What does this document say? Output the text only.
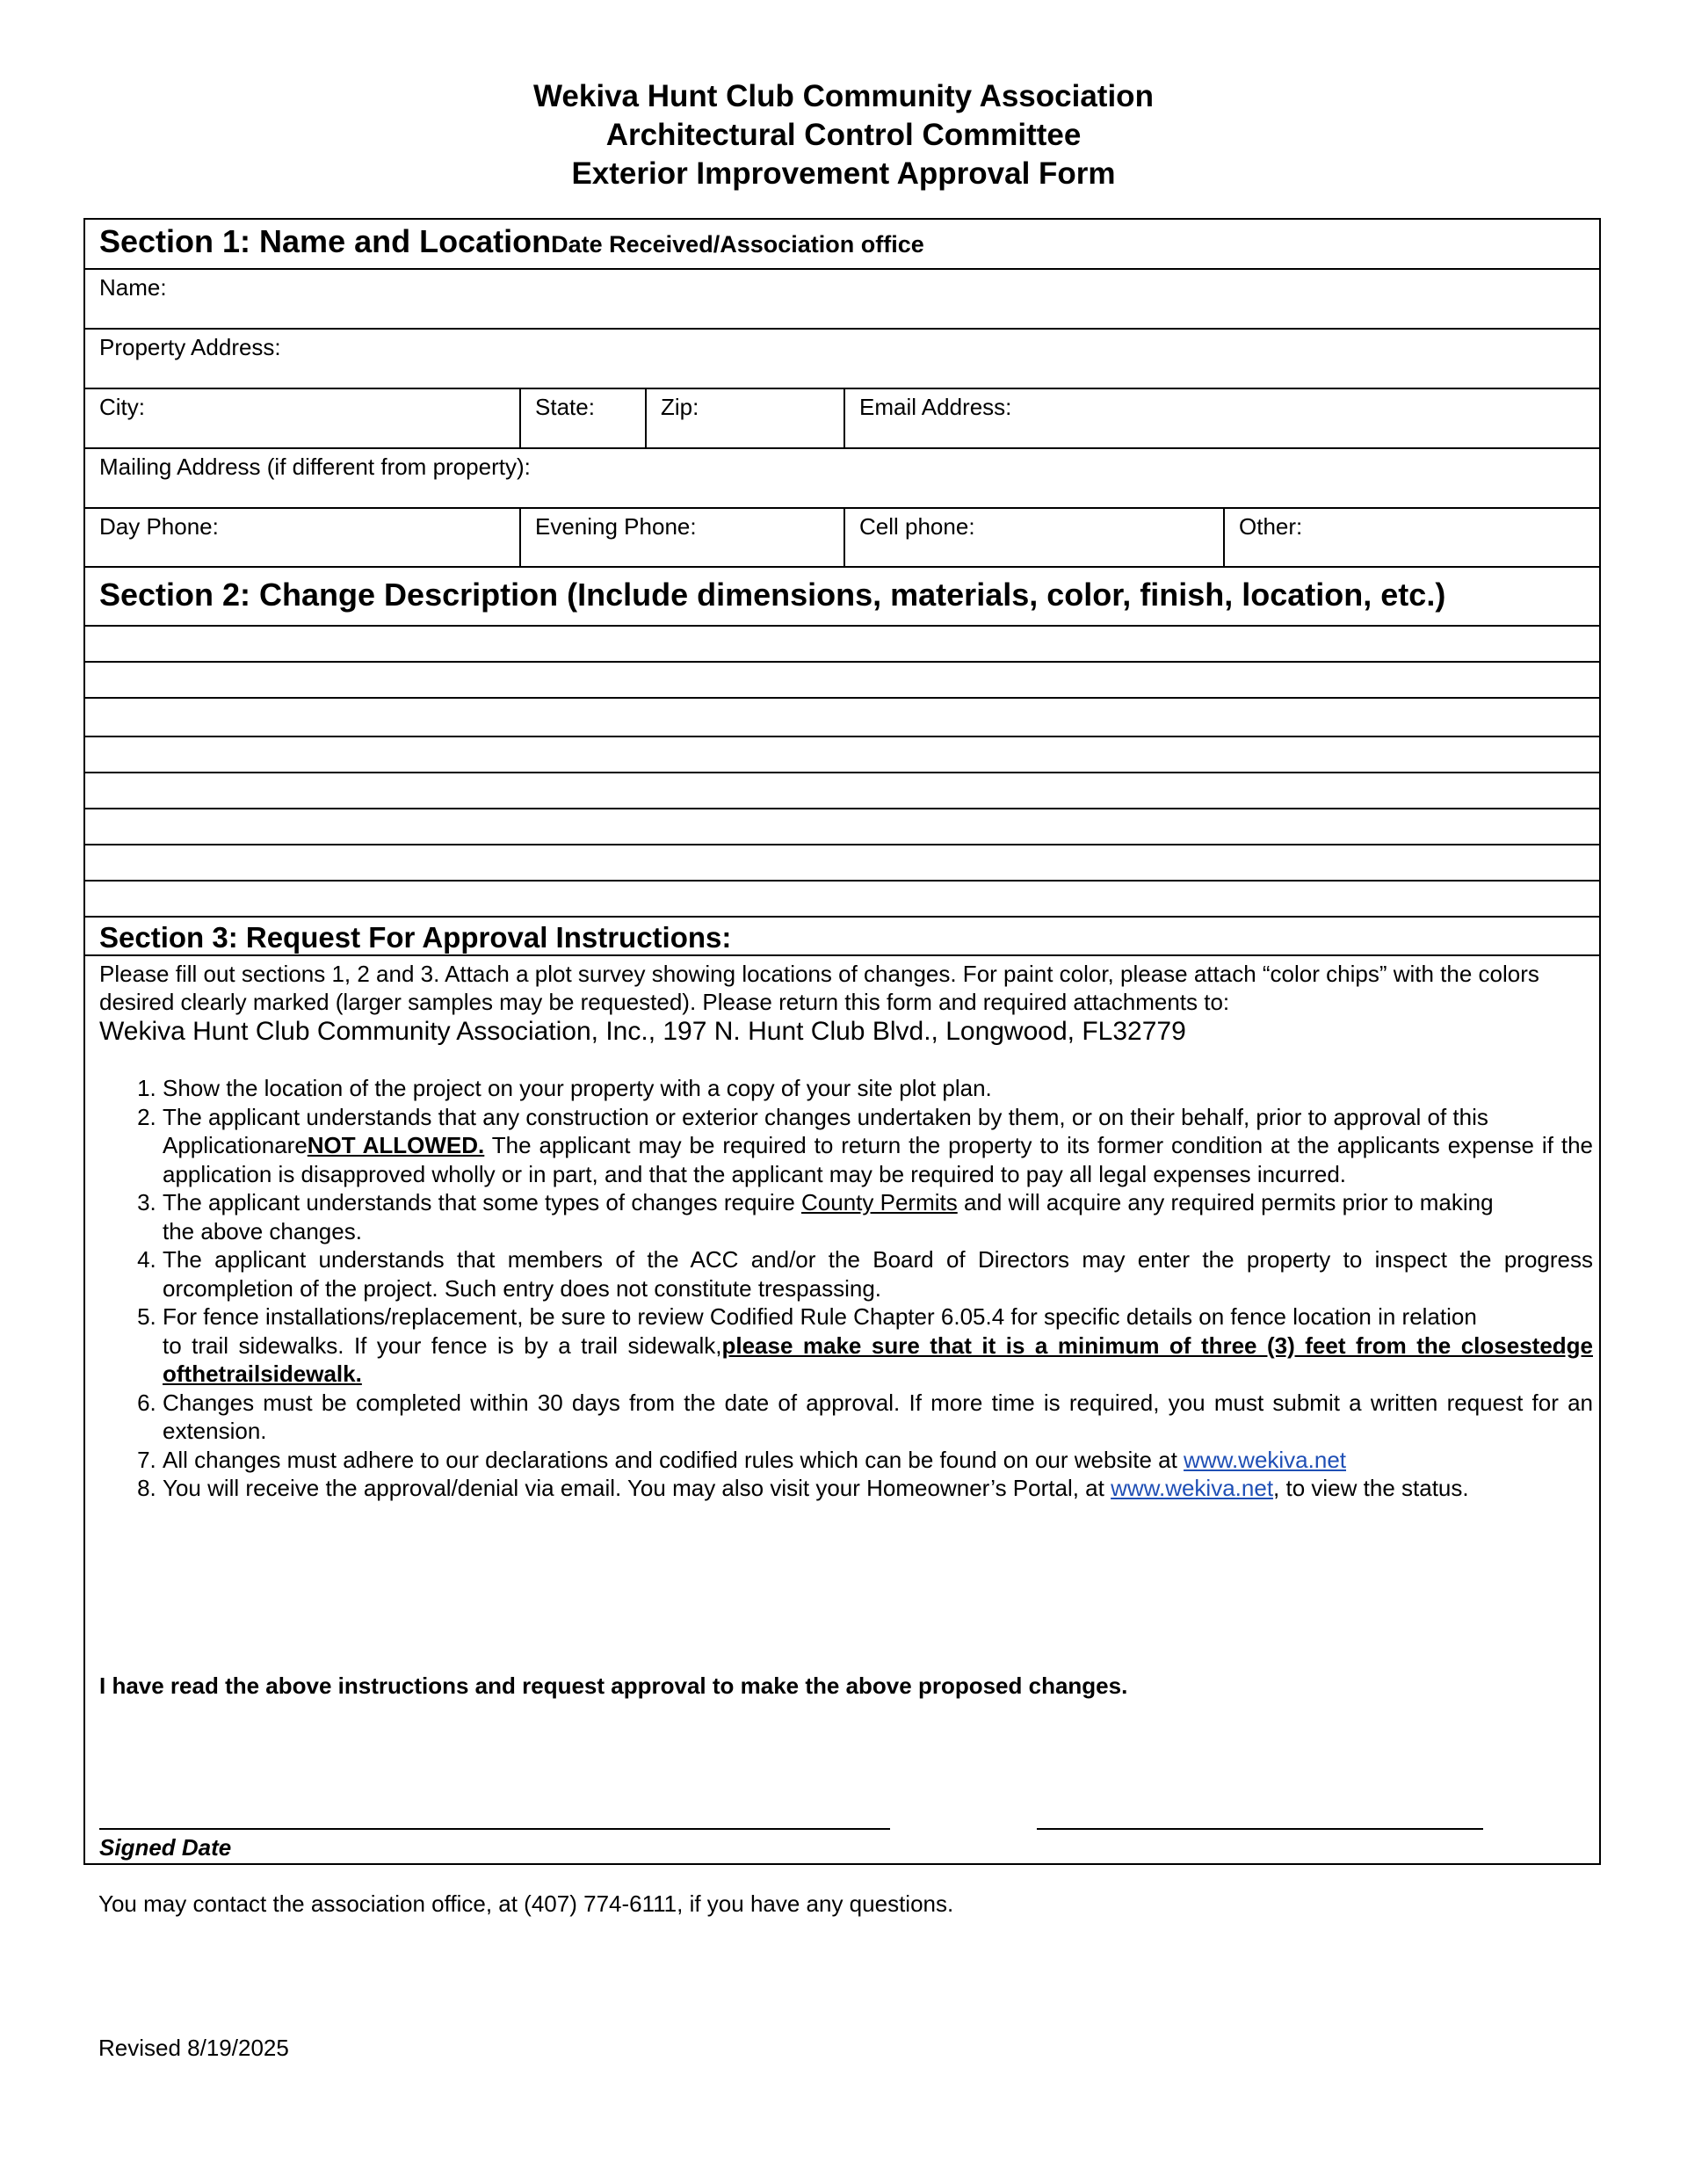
Wekiva Hunt Club Community Association
Architectural Control Committee
Exterior Improvement Approval Form
Section 1: Name and LocationDate Received/Association office
Name:
Property Address:
City:	State:	Zip:	Email Address:
Mailing Address (if different from property):
Day Phone:	Evening Phone:	Cell phone:	Other:
Section 2: Change Description (Include dimensions, materials, color, finish, location, etc.)
Section 3: Request For Approval Instructions:
Please fill out sections 1, 2 and 3. Attach a plot survey showing locations of changes. For paint color, please attach “color chips” with the colors desired clearly marked (larger samples may be requested). Please return this form and required attachments to:
Wekiva Hunt Club Community Association, Inc., 197 N. Hunt Club Blvd., Longwood, FL32779
1. Show the location of the project on your property with a copy of your site plot plan.
2. The applicant understands that any construction or exterior changes undertaken by them, or on their behalf, prior to approval of this
ApplicationareNOT ALLOWED. The applicant may be required to return the property to its former condition at the applicants expense if the application is disapproved wholly or in part, and that the applicant may be required to pay all legal expenses incurred.
3. The applicant understands that some types of changes require County Permits and will acquire any required permits prior to making
the above changes.
4. The applicant understands that members of the ACC and/or the Board of Directors may enter the property to inspect the progress orcompletion of the project. Such entry does not constitute trespassing.
5. For fence installations/replacement, be sure to review Codified Rule Chapter 6.05.4 for specific details on fence location in relation
to trail sidewalks. If your fence is by a trail sidewalk,please make sure that it is a minimum of three (3) feet from the closestedge ofthetrailsidewalk.
6. Changes must be completed within 30 days from the date of approval. If more time is required, you must submit a written request for an extension.
7. All changes must adhere to our declarations and codified rules which can be found on our website at www.wekiva.net
8. You will receive the approval/denial via email. You may also visit your Homeowner’s Portal, at www.wekiva.net, to view the status.
I have read the above instructions and request approval to make the above proposed changes.
Signed Date
You may contact the association office, at (407) 774-6111, if you have any questions.
Revised 8/19/2025
